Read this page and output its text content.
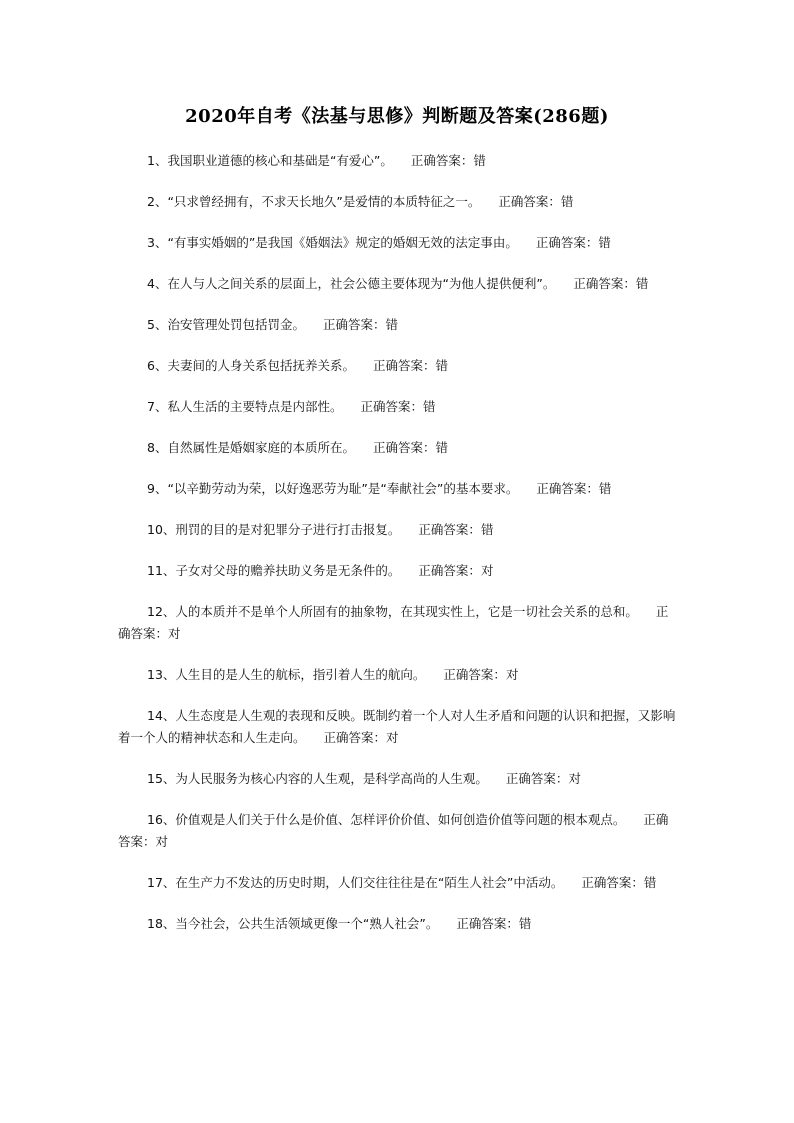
2020年自考《法基与思修》判断题及答案(286题)
1、我国职业道德的核心和基础是“有爱心”。 正确答案：错
2、“只求曾经拥有，不求天长地久”是爱情的本质特征之一。 正确答案：错
3、“有事实婚姻的”是我国《婚姻法》规定的婚姻无效的法定事由。 正确答案：错
4、在人与人之间关系的层面上，社会公德主要体现为“为他人提供便利”。 正确答案：错
5、治安管理处罚包括罚金。 正确答案：错
6、夫妻间的人身关系包括抚养关系。 正确答案：错
7、私人生活的主要特点是内部性。 正确答案：错
8、自然属性是婚姻家庭的本质所在。 正确答案：错
9、“以辛勤劳动为荣，以好逸恶劳为耻”是“奉献社会”的基本要求。 正确答案：错
10、刑罚的目的是对犯罪分子进行打击报复。 正确答案：错
11、子女对父母的赡养扶助义务是无条件的。 正确答案：对
12、人的本质并不是单个人所固有的抽象物，在其现实性上，它是一切社会关系的总和。 正确答案：对
13、人生目的是人生的航标，指引着人生的航向。 正确答案：对
14、人生态度是人生观的表现和反映。既制约着一个人对人生矛盾和问题的认识和把握，又影响着一个人的精神状态和人生走向。 正确答案：对
15、为人民服务为核心内容的人生观，是科学高尚的人生观。 正确答案：对
16、价值观是人们关于什么是价值、怎样评价价值、如何创造价值等问题的根本观点。 正确答案：对
17、在生产力不发达的历史时期，人们交往往往是在“陌生人社会”中活动。 正确答案：错
18、当今社会，公共生活领域更像一个“熟人社会”。 正确答案：错
